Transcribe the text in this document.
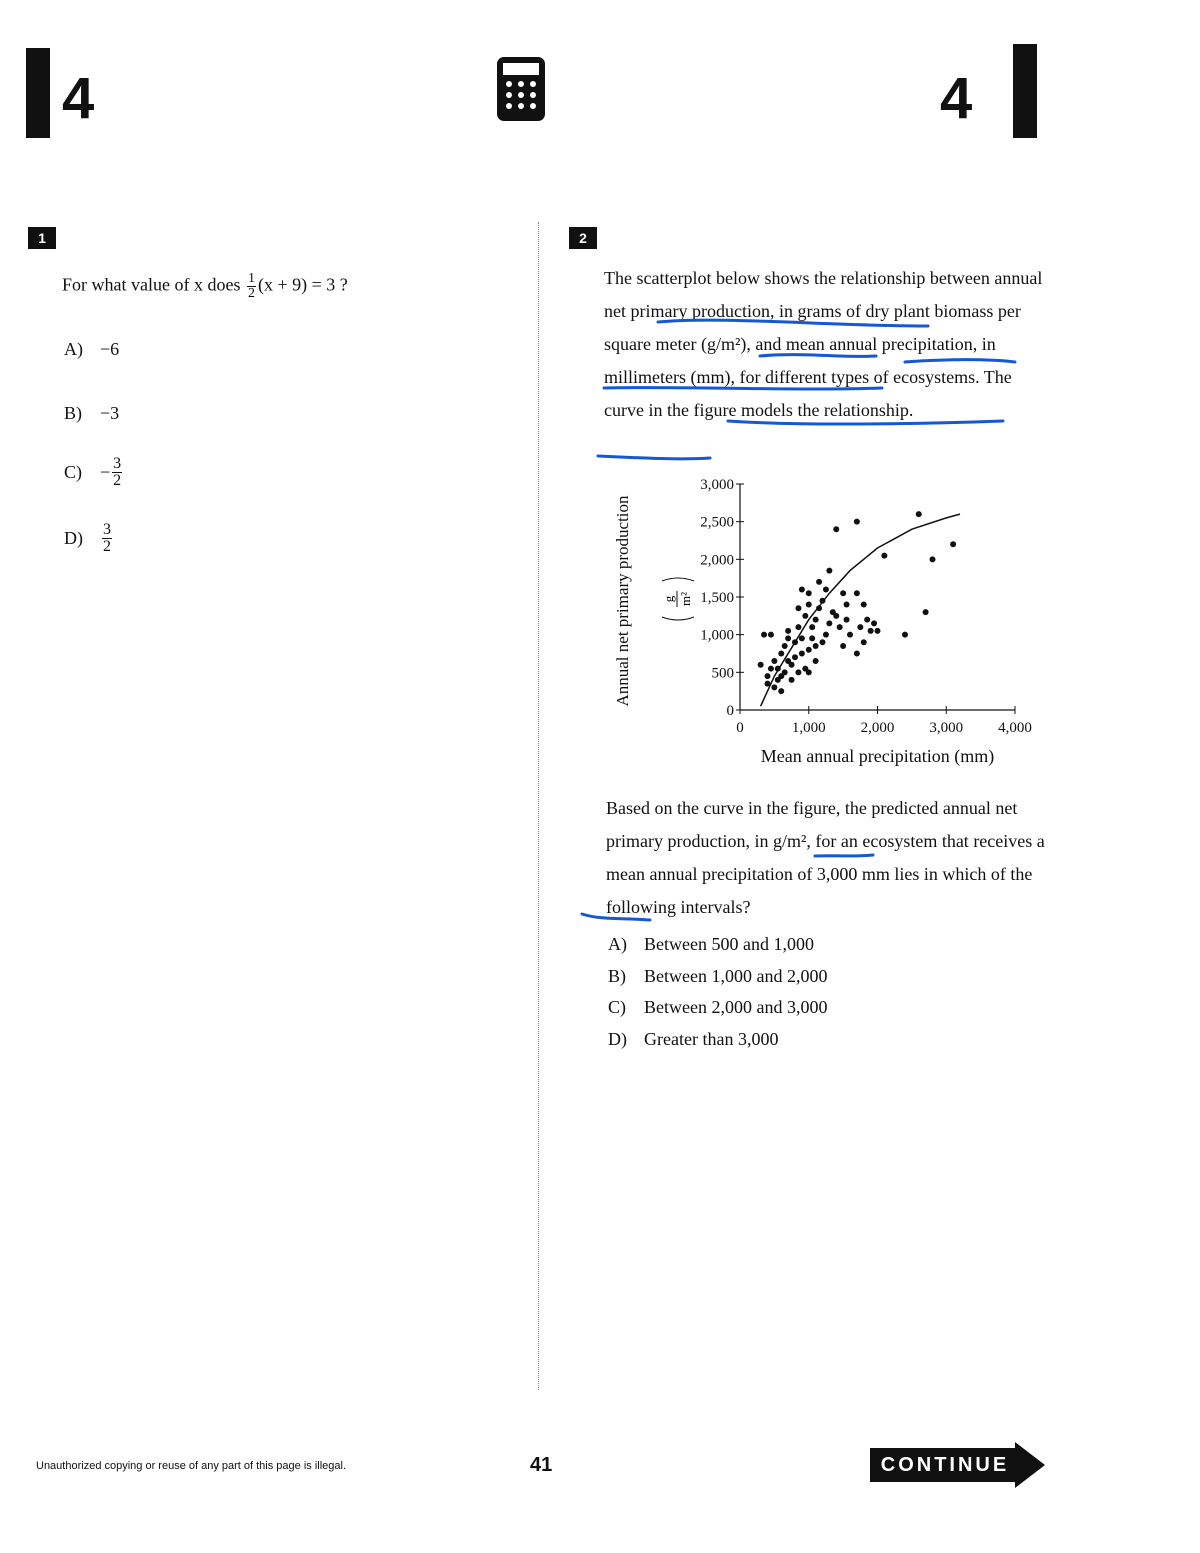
4	4
1
For what value of x does $\frac{1}{2} (x + 9) = 3$ ?
A) −6
B) −3
$C) - \frac{3}{2}$
$D) \frac{3}{2}$
2
The scatterplot below shows the relationship between annual net primary production, in grams of dry plant biomass per square meter (g/m²), and mean annual precipitation, in millimeters (mm), for different types of ecosystems. The curve in the figure models the relationship.
0	1,000 2,000 3,000 4,000
0
500
1,000
1,500
2,000
2,500
3,000
Mean annual precipitation (mm)
Annual net primary production g m²
Based on the curve in the figure, the predicted annual net primary production, in g/m², for an ecosystem that receives a mean annual precipitation of 3,000 mm lies in which of the following intervals?
A) Between 500 and 1,000
B) Between 1,000 and 2,000
C) Between 2,000 and 3,000
D) Greater than 3,000
Unauthorized copying or reuse of any part of this page is illegal.	41	CONTINUE
